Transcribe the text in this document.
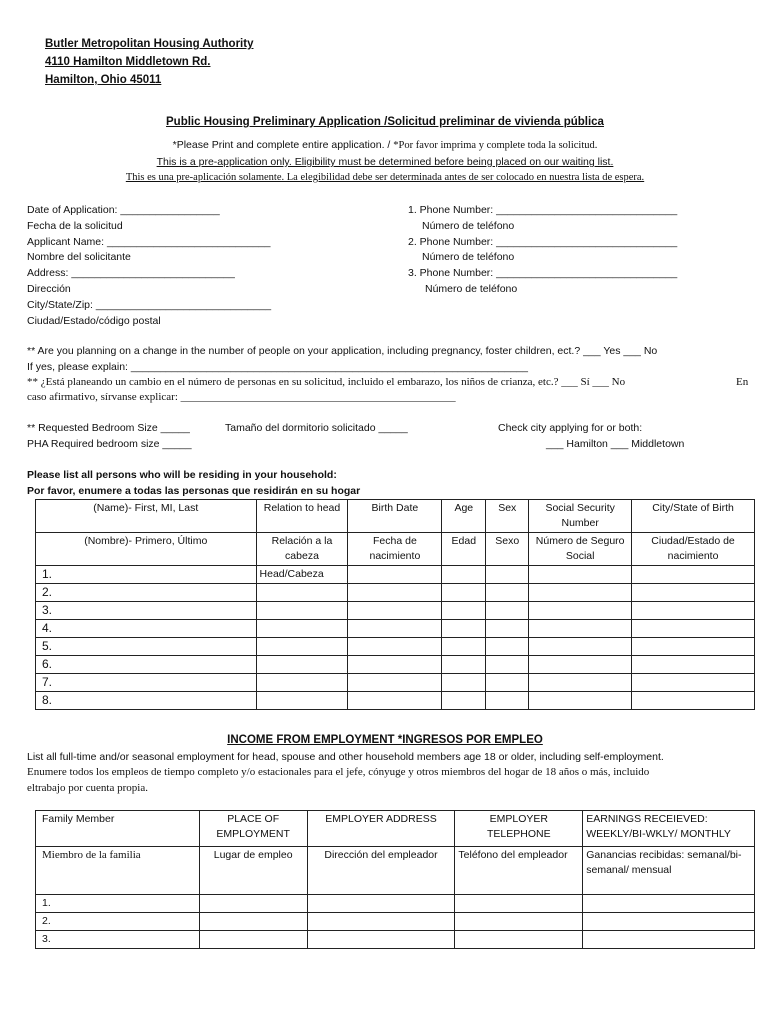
Butler Metropolitan Housing Authority
4110 Hamilton Middletown Rd.
Hamilton, Ohio 45011
Public Housing Preliminary Application /Solicitud preliminar de vivienda pública
*Please Print and complete entire application. / *Por favor imprima y complete toda la solicitud.
This is a pre-application only. Eligibility must be determined before being placed on our waiting list.
This es una pre-aplicación solamente. La elegibilidad debe ser determinada antes de ser colocado en nuestra lista de espera.
Date of Application: _________________
Fecha de la solicitud
Applicant Name: ____________________________
Nombre del solicitante
Address: ____________________________
Dirección
City/State/Zip: ______________________________
Ciudad/Estado/código postal
1. Phone Number: _______________________________
Número de teléfono
2. Phone Number: _______________________________
Número de teléfono
3. Phone Number: _______________________________
Número de teléfono
** Are you planning on a change in the number of people on your application, including pregnancy, foster children, ect.? ___ Yes ___ No
If yes, please explain: ____________________________________________________________________
** ¿Está planeando un cambio en el número de personas en su solicitud, incluido el embarazo, los niños de crianza, etc.? ___ Sí ___ No	En
caso afirmativo, sírvanse explicar: __________________________________________________
** Requested Bedroom Size _____	Tamaño del dormitorio solicitado _____
PHA Required bedroom size _____
Check city applying for or both:
___ Hamilton ___ Middletown
Please list all persons who will be residing in your household:
Por favor, enumere a todas las personas que residirán en su hogar
(Name)- First, MI, Last	Relation to head	Birth Date	Age	Sex	Social Security Number	City/State of Birth
(Nombre)- Primero, Último	Relación a la cabeza	Fecha de nacimiento	Edad	Sexo	Número de Seguro Social	Ciudad/Estado de nacimiento
1.	Head/Cabeza					
2.						
3.						
4.						
5.						
6.						
7.						
8.						
INCOME FROM EMPLOYMENT *INGRESOS POR EMPLEO
List all full-time and/or seasonal employment for head, spouse and other household members age 18 or older, including self-employment.
Enumere todos los empleos de tiempo completo y/o estacionales para el jefe, cónyuge y otros miembros del hogar de 18 años o más, incluido
eltrabajo por cuenta propia.
Family Member	PLACE OF EMPLOYMENT	EMPLOYER ADDRESS	EMPLOYER TELEPHONE	EARNINGS RECEIEVED: WEEKLY/BI-WKLY/ MONTHLY
Miembro de la familia	Lugar de empleo	Dirección del empleador	Teléfono del empleador	Ganancias recibidas: semanal/bi-semanal/ mensual
1.				
2.				
3.				
